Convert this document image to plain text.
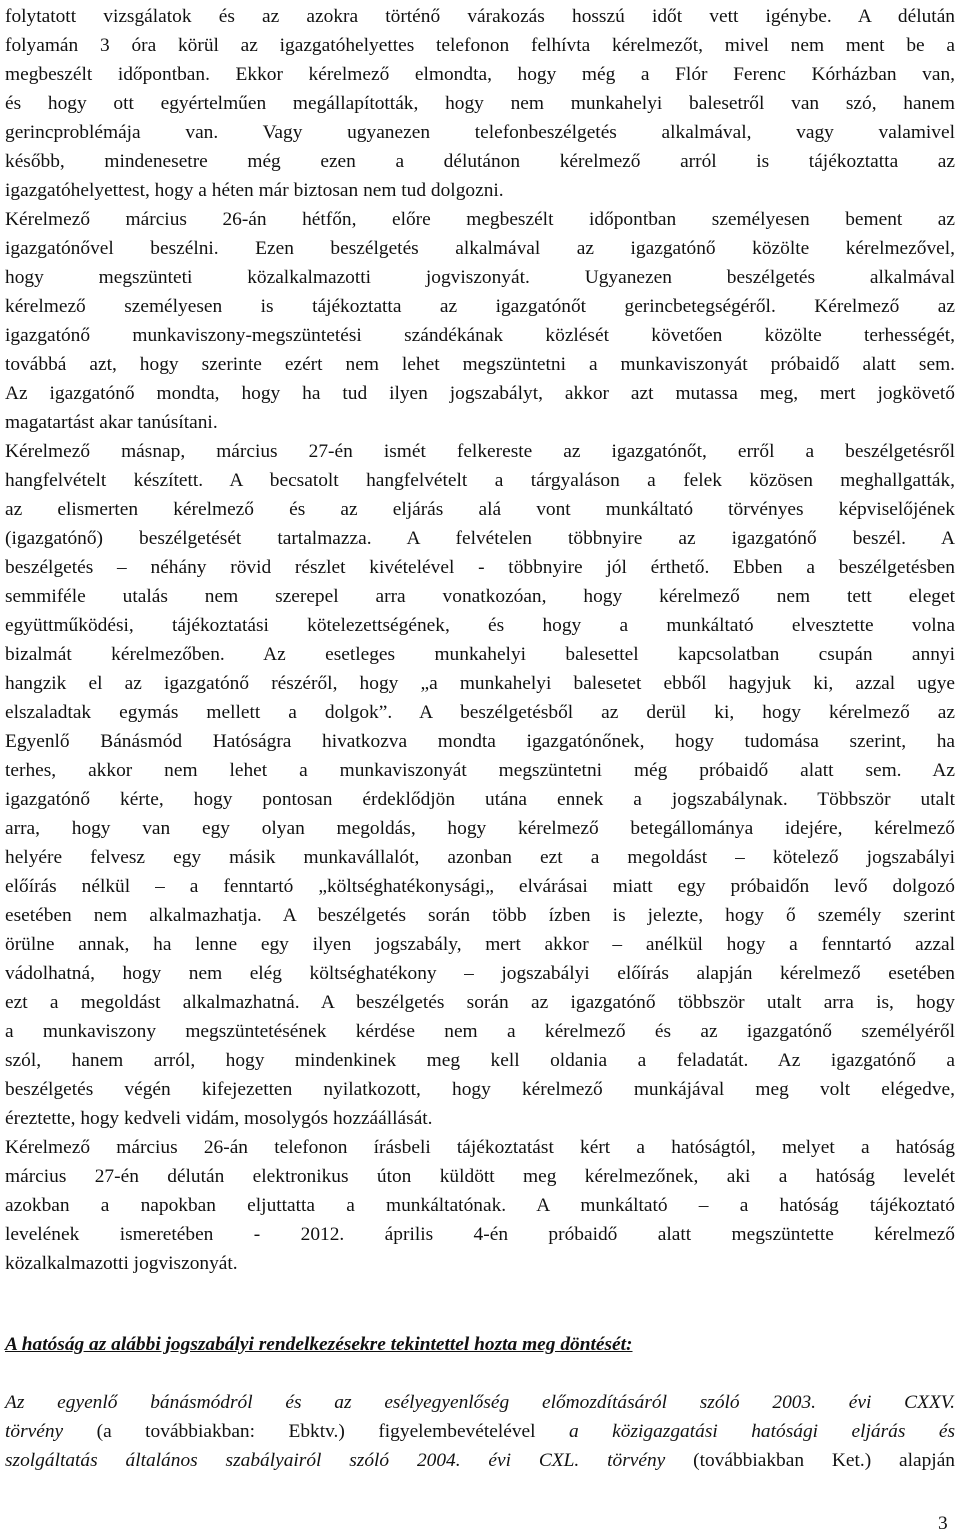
folytatott vizsgálatok és az azokra történő várakozás hosszú időt vett igénybe. A délután
folyamán 3 óra körül az igazgatóhelyettes telefonon felhívta kérelmezőt, mivel nem ment be a
megbeszélt időpontban. Ekkor kérelmező elmondta, hogy még a Flór Ferenc Kórházban van,
és hogy ott egyértelműen megállapították, hogy nem munkahelyi balesetről van szó, hanem
gerincproblémája van. Vagy ugyanezen telefonbeszélgetés alkalmával, vagy valamivel
később, mindenesetre még ezen a délutánon kérelmező arról is tájékoztatta az
igazgatóhelyettest, hogy a héten már biztosan nem tud dolgozni.
Kérelmező március 26-án hétfőn, előre megbeszélt időpontban személyesen bement az
igazgatónővel beszélni. Ezen beszélgetés alkalmával az igazgatónő közölte kérelmezővel,
hogy megszünteti közalkalmazotti jogviszonyát. Ugyanezen beszélgetés alkalmával
kérelmező személyesen is tájékoztatta az igazgatónőt gerincbetegségéről. Kérelmező az
igazgatónő munkaviszony-megszüntetési szándékának közlését követően közölte terhességét,
továbbá azt, hogy szerinte ezért nem lehet megszüntetni a munkaviszonyát próbaidő alatt sem.
Az igazgatónő mondta, hogy ha tud ilyen jogszabályt, akkor azt mutassa meg, mert jogkövető
magatartást akar tanúsítani.
Kérelmező másnap, március 27-én ismét felkereste az igazgatónőt, erről a beszélgetésről
hangfelvételt készített. A becsatolt hangfelvételt a tárgyaláson a felek közösen meghallgatták,
az elismerten kérelmező és az eljárás alá vont munkáltató törvényes képviselőjének
(igazgatónő) beszélgetését tartalmazza. A felvételen többnyire az igazgatónő beszél. A
beszélgetés – néhány rövid részlet kivételével - többnyire jól érthető. Ebben a beszélgetésben
semmiféle utalás nem szerepel arra vonatkozóan, hogy kérelmező nem tett eleget
együttműködési, tájékoztatási kötelezettségének, és hogy a munkáltató elvesztette volna
bizalmát kérelmezőben. Az esetleges munkahelyi balesettel kapcsolatban csupán annyi
hangzik el az igazgatónő részéről, hogy „a munkahelyi balesetet ebből hagyjuk ki, azzal ugye
elszaladtak egymás mellett a dolgok”. A beszélgetésből az derül ki, hogy kérelmező az
Egyenlő Bánásmód Hatóságra hivatkozva mondta igazgatónőnek, hogy tudomása szerint, ha
terhes, akkor nem lehet a munkaviszonyát megszüntetni még próbaidő alatt sem. Az
igazgatónő kérte, hogy pontosan érdeklődjön utána ennek a jogszabálynak. Többször utalt
arra, hogy van egy olyan megoldás, hogy kérelmező betegállománya idejére, kérelmező
helyére felvesz egy másik munkavállalót, azonban ezt a megoldást – kötelező jogszabályi
előírás nélkül – a fenntartó „költséghatékonysági„ elvárásai miatt egy próbaidőn levő dolgozó
esetében nem alkalmazhatja. A beszélgetés során több ízben is jelezte, hogy ő személy szerint
örülne annak, ha lenne egy ilyen jogszabály, mert akkor – anélkül hogy a fenntartó azzal
vádolhatná, hogy nem elég költséghatékony – jogszabályi előírás alapján kérelmező esetében
ezt a megoldást alkalmazhatná. A beszélgetés során az igazgatónő többször utalt arra is, hogy
a munkaviszony megszüntetésének kérdése nem a kérelmező és az igazgatónő személyéről
szól, hanem arról, hogy mindenkinek meg kell oldania a feladatát. Az igazgatónő a
beszélgetés végén kifejezetten nyilatkozott, hogy kérelmező munkájával meg volt elégedve,
éreztette, hogy kedveli vidám, mosolygós hozzáállását.
Kérelmező március 26-án telefonon írásbeli tájékoztatást kért a hatóságtól, melyet a hatóság
március 27-én délután elektronikus úton küldött meg kérelmezőnek, aki a hatóság levelét
azokban a napokban eljuttatta a munkáltatónak. A munkáltató – a hatóság tájékoztató
levelének ismeretében - 2012. április 4-én próbaidő alatt megszüntette kérelmező
közalkalmazotti jogviszonyát.
A hatóság az alábbi jogszabályi rendelkezésekre tekintettel hozta meg döntését:
Az egyenlő bánásmódról és az esélyegyenlőség előmozdításáról szóló 2003. évi CXXV.
törvény (a továbbiakban: Ebktv.) figyelembevételével a közigazgatási hatósági eljárás és
szolgáltatás általános szabályairól szóló 2004. évi CXL. törvény (továbbiakban Ket.) alapján
3
